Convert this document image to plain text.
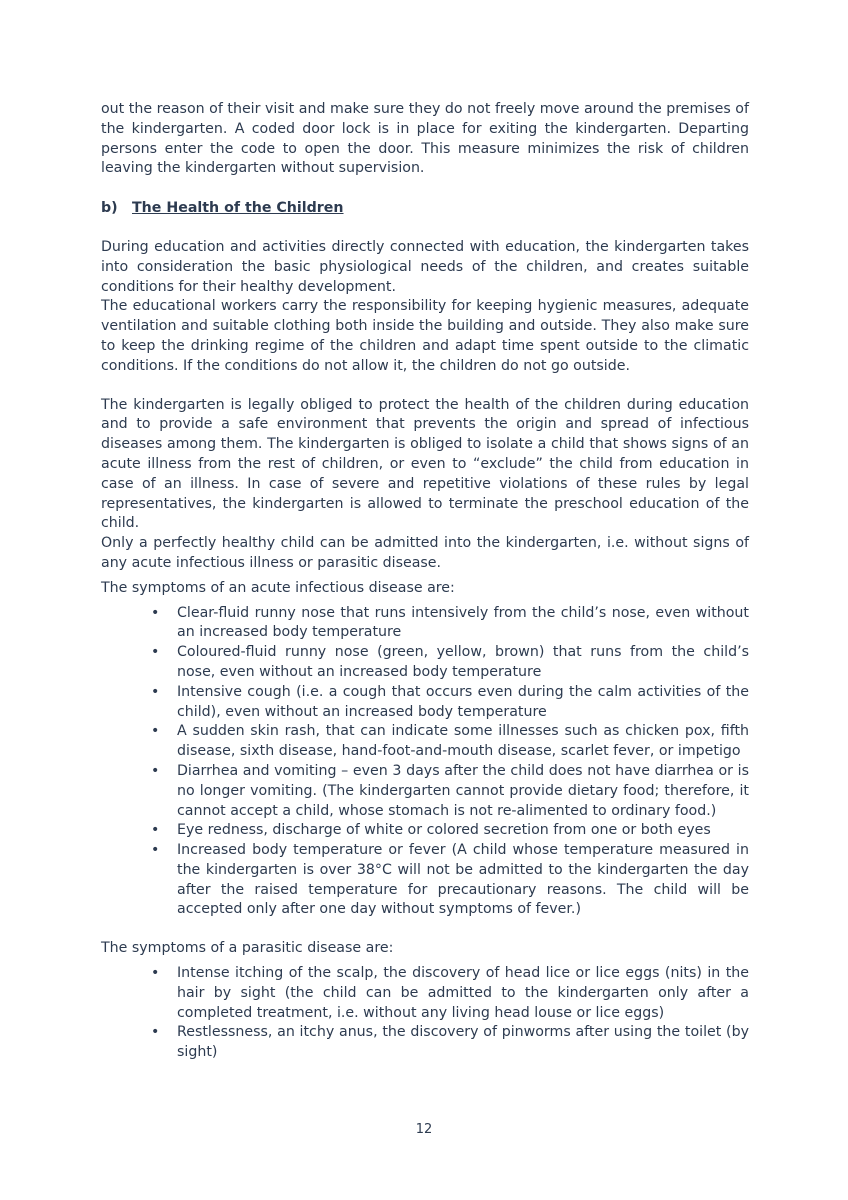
out the reason of their visit and make sure they do not freely move around the premises of the kindergarten. A coded door lock is in place for exiting the kindergarten. Departing persons enter the code to open the door. This measure minimizes the risk of children leaving the kindergarten without supervision.

b) The Health of the Children

During education and activities directly connected with education, the kindergarten takes into consideration the basic physiological needs of the children, and creates suitable conditions for their healthy development.

The educational workers carry the responsibility for keeping hygienic measures, adequate ventilation and suitable clothing both inside the building and outside. They also make sure to keep the drinking regime of the children and adapt time spent outside to the climatic conditions. If the conditions do not allow it, the children do not go outside.

The kindergarten is legally obliged to protect the health of the children during education and to provide a safe environment that prevents the origin and spread of infectious diseases among them. The kindergarten is obliged to isolate a child that shows signs of an acute illness from the rest of children, or even to “exclude” the child from education in case of an illness. In case of severe and repetitive violations of these rules by legal representatives, the kindergarten is allowed to terminate the preschool education of the child.

Only a perfectly healthy child can be admitted into the kindergarten, i.e. without signs of any acute infectious illness or parasitic disease.

The symptoms of an acute infectious disease are:

• Clear-fluid runny nose that runs intensively from the child’s nose, even without an increased body temperature
• Coloured-fluid runny nose (green, yellow, brown) that runs from the child’s nose, even without an increased body temperature
• Intensive cough (i.e. a cough that occurs even during the calm activities of the child), even without an increased body temperature
• A sudden skin rash, that can indicate some illnesses such as chicken pox, fifth disease, sixth disease, hand-foot-and-mouth disease, scarlet fever, or impetigo
• Diarrhea and vomiting – even 3 days after the child does not have diarrhea or is no longer vomiting. (The kindergarten cannot provide dietary food; therefore, it cannot accept a child, whose stomach is not re-alimented to ordinary food.)
• Eye redness, discharge of white or colored secretion from one or both eyes
• Increased body temperature or fever (A child whose temperature measured in the kindergarten is over 38°C will not be admitted to the kindergarten the day after the raised temperature for precautionary reasons. The child will be accepted only after one day without symptoms of fever.)

The symptoms of a parasitic disease are:

• Intense itching of the scalp, the discovery of head lice or lice eggs (nits) in the hair by sight (the child can be admitted to the kindergarten only after a completed treatment, i.e. without any living head louse or lice eggs)
• Restlessness, an itchy anus, the discovery of pinworms after using the toilet (by sight)
12
